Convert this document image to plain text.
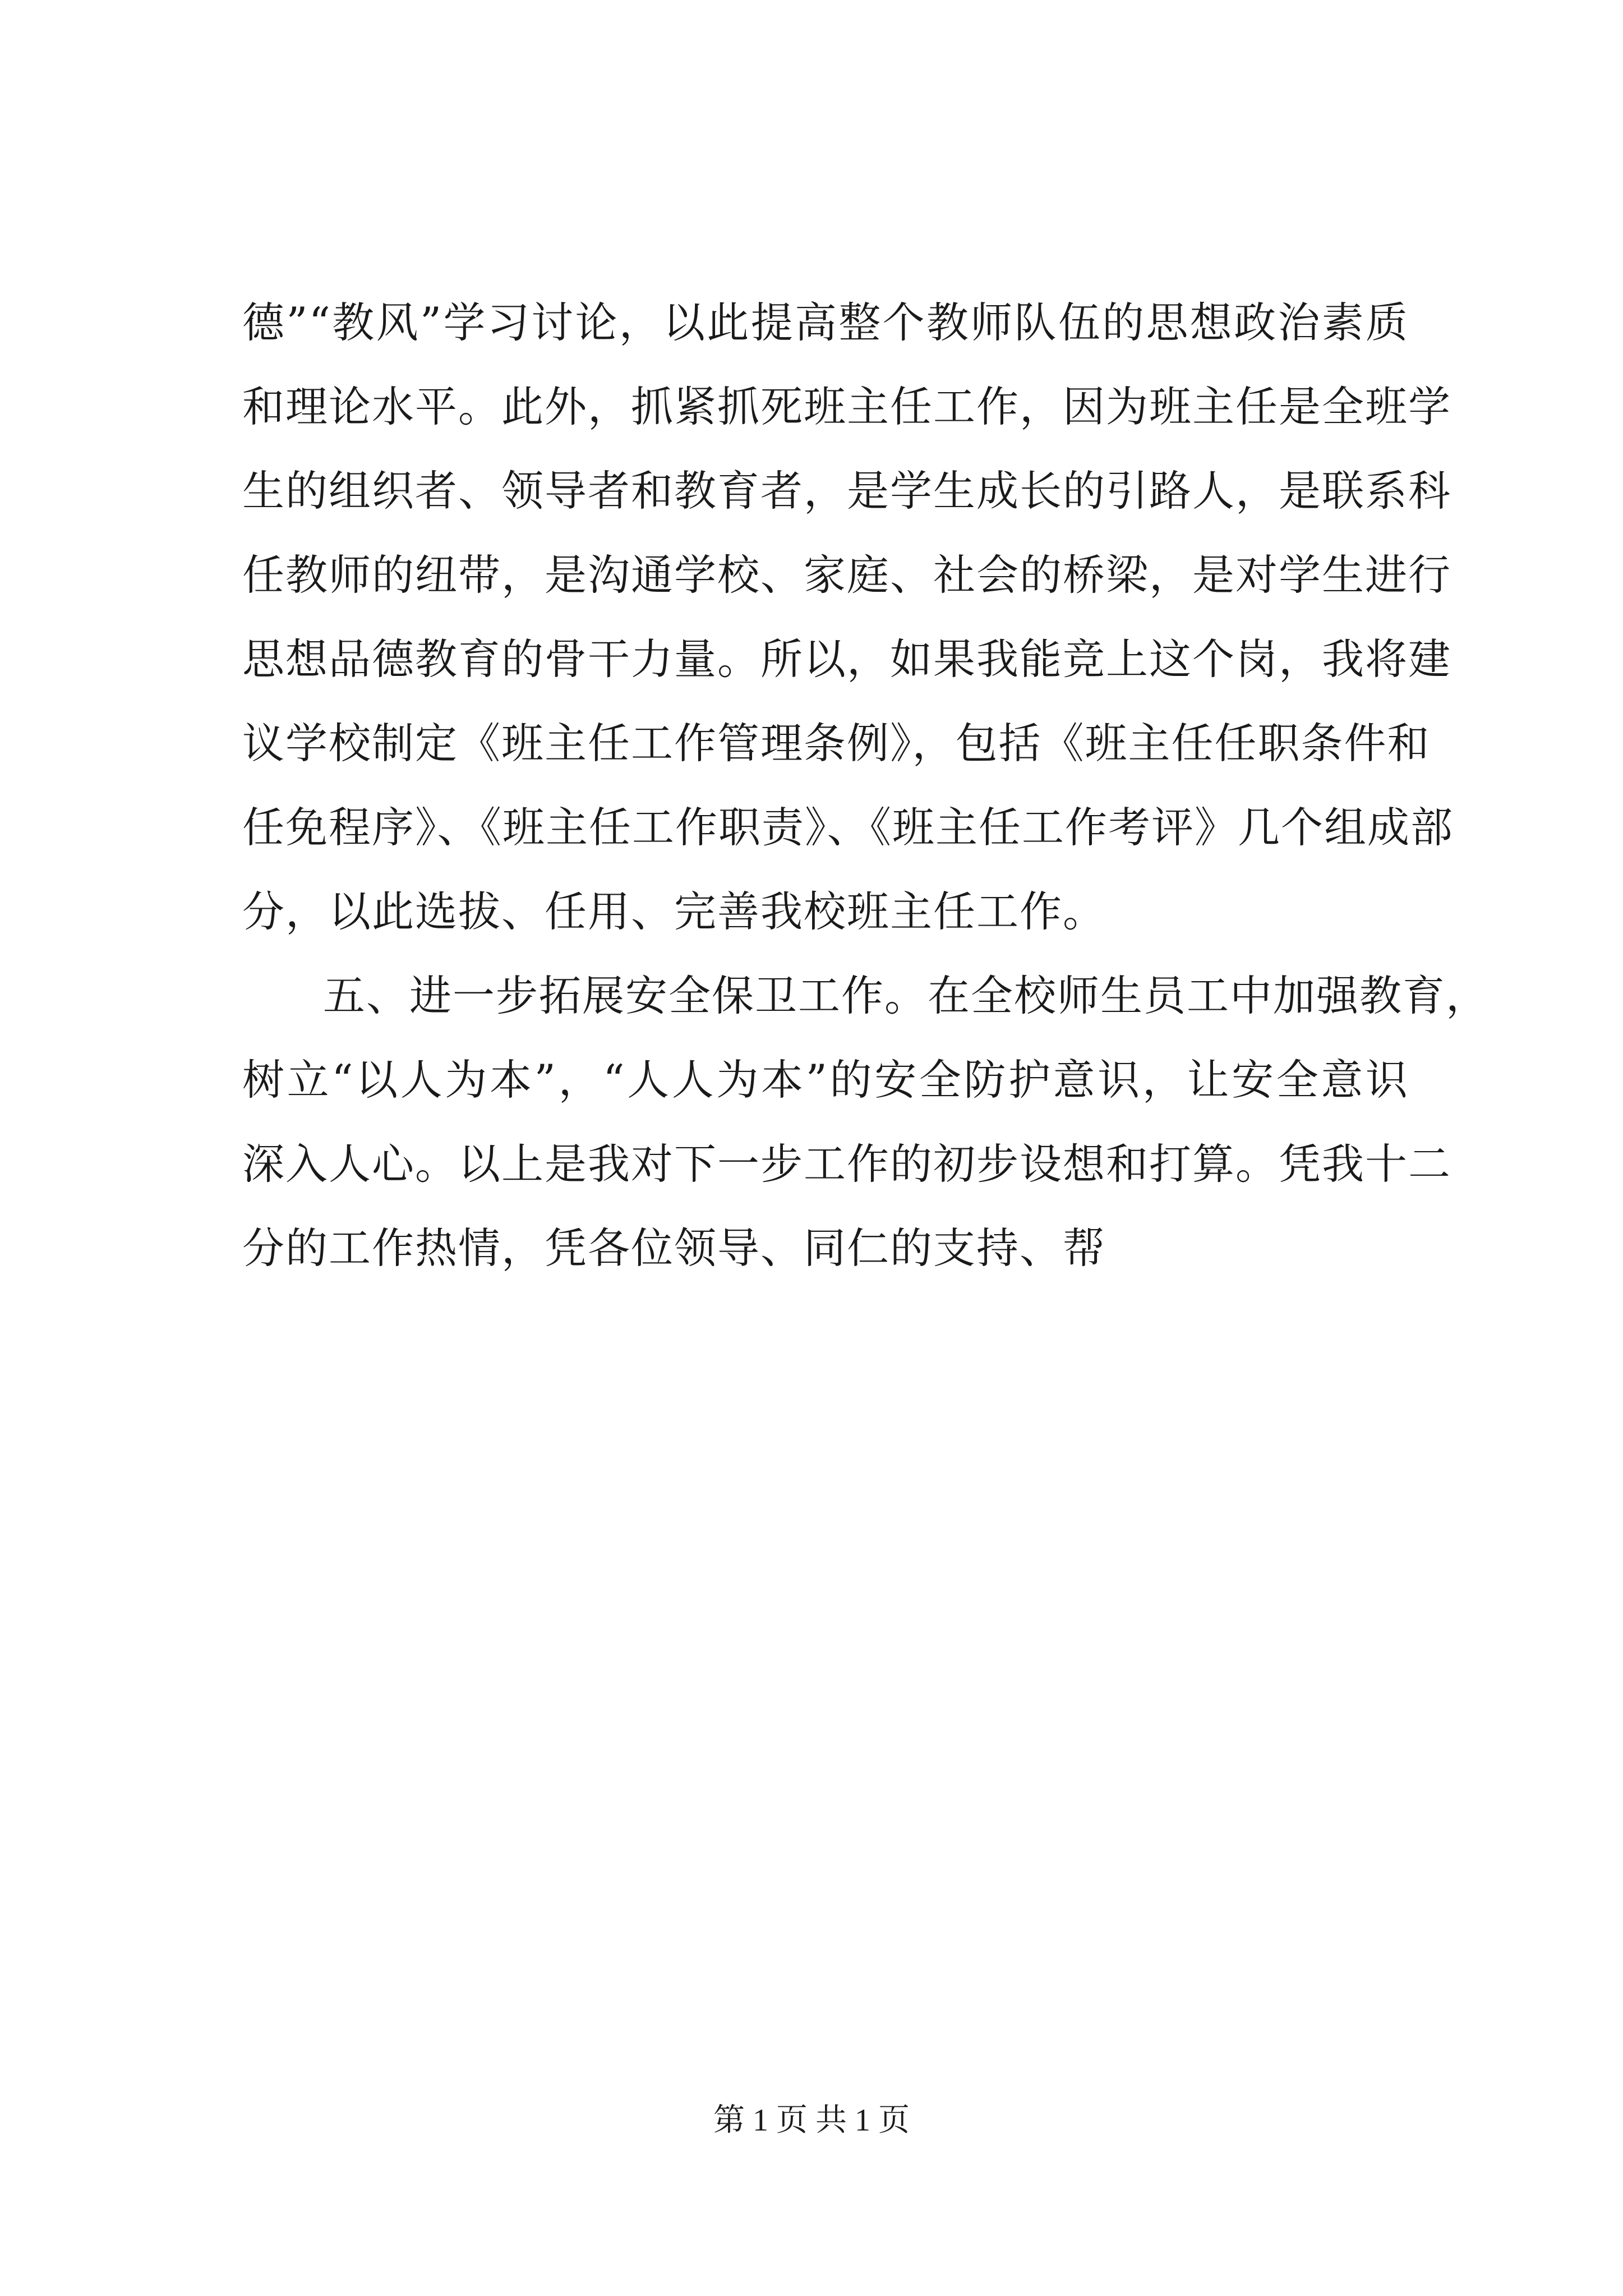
德”“教风”学习讨论，以此提高整个教师队伍的思想政治素质
和理论水平。此外，抓紧抓死班主任工作，因为班主任是全班学
生的组织者、领导者和教育者，是学生成长的引路人，是联系科
任教师的纽带，是沟通学校、家庭、社会的桥梁，是对学生进行
思想品德教育的骨干力量。所以，如果我能竞上这个岗，我将建
议学校制定《班主任工作管理条例》，包括《班主任任职条件和
任免程序》、《班主任工作职责》、《班主任工作考评》几个组成部
分，以此选拔、任用、完善我校班主任工作。
五、进一步拓展安全保卫工作。在全校师生员工中加强教育，
树立“以人为本”，“人人为本”的安全防护意识，让安全意识
深入人心。以上是我对下一步工作的初步设想和打算。凭我十二
分的工作热情，凭各位领导、同仁的支持、帮
第 1 页 共 1 页
